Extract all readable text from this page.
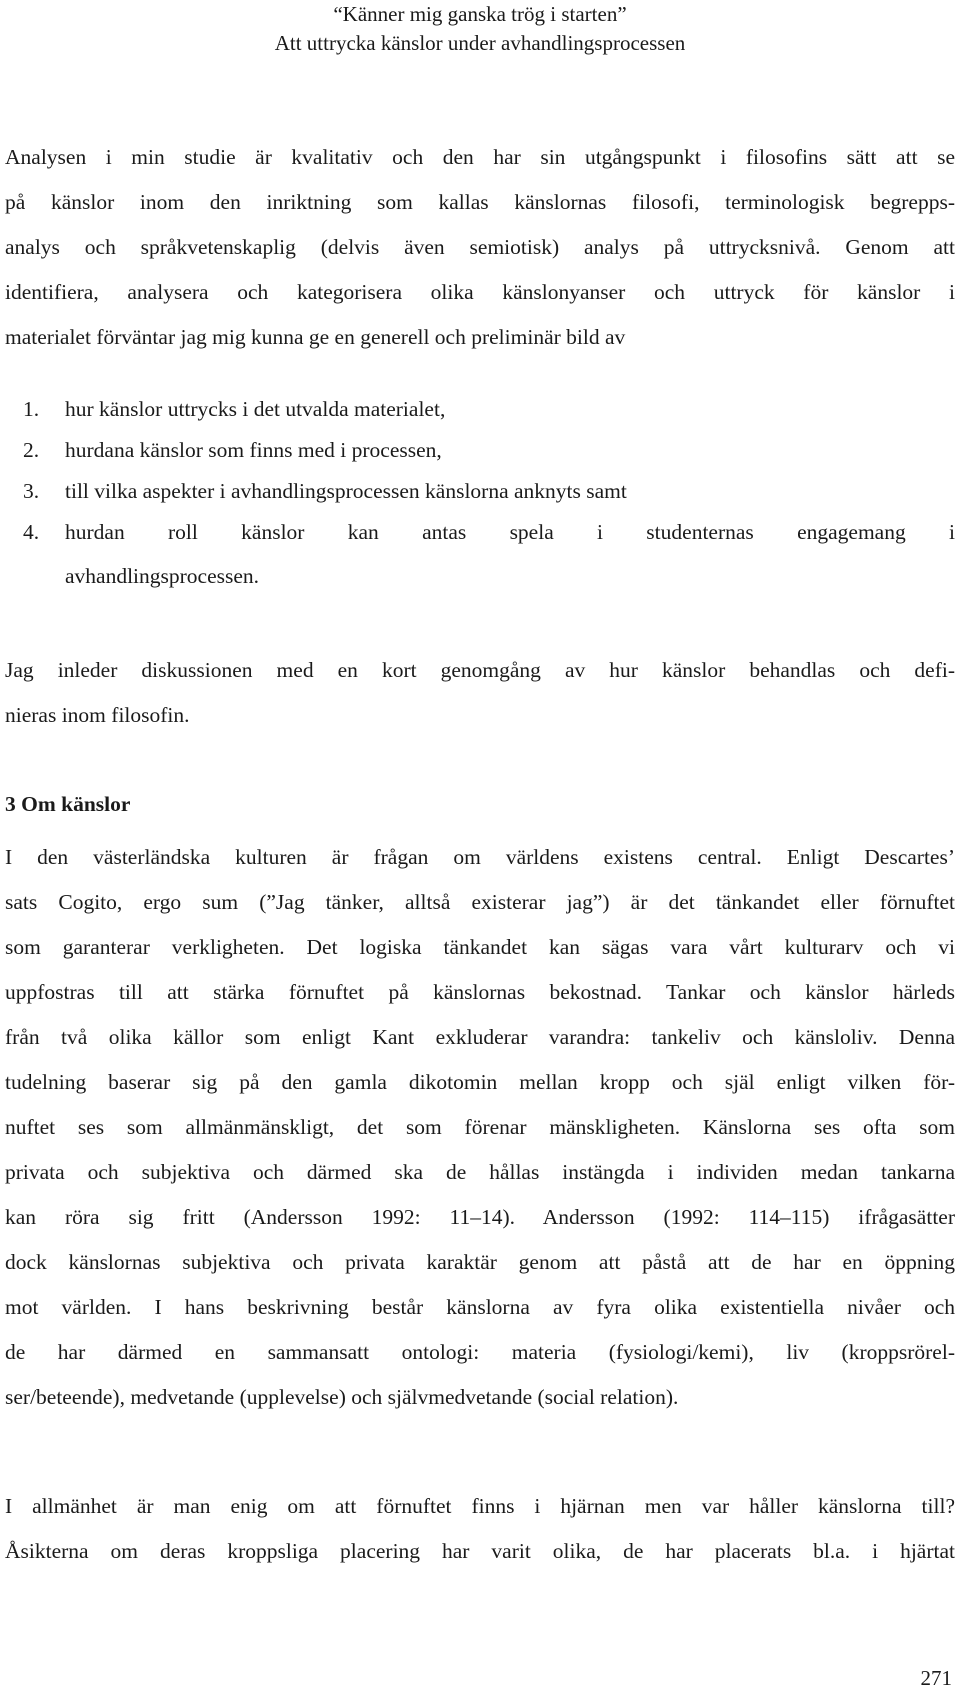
“Känner mig ganska trög i starten”
Att uttrycka känslor under avhandlingsprocessen

Analysen i min studie är kvalitativ och den har sin utgångspunkt i filosofins sätt att se

på känslor inom den inriktning som kallas känslornas filosofi, terminologisk begrepps-

analys och språkvetenskaplig (delvis även semiotisk) analys på uttrycksnivå. Genom att

identifiera, analysera och kategorisera olika känslonyanser och uttryck för känslor i

materialet förväntar jag mig kunna ge en generell och preliminär bild av

1. hur känslor uttrycks i det utvalda materialet,
2. hurdana känslor som finns med i processen,
3. till vilka aspekter i avhandlingsprocessen känslorna anknyts samt
4. hurdan roll känslor kan antas spela i studenternas engagemang i
avhandlingsprocessen.

Jag inleder diskussionen med en kort genomgång av hur känslor behandlas och defi-

nieras inom filosofin.

3 Om känslor

I den västerländska kulturen är frågan om världens existens central. Enligt Descartes’

sats Cogito, ergo sum (”Jag tänker, alltså existerar jag”) är det tänkandet eller förnuftet

som garanterar verkligheten. Det logiska tänkandet kan sägas vara vårt kulturarv och vi

uppfostras till att stärka förnuftet på känslornas bekostnad. Tankar och känslor härleds

från två olika källor som enligt Kant exkluderar varandra: tankeliv och känsloliv. Denna

tudelning baserar sig på den gamla dikotomin mellan kropp och själ enligt vilken för-

nuftet ses som allmänmänskligt, det som förenar mänskligheten. Känslorna ses ofta som

privata och subjektiva och därmed ska de hållas instängda i individen medan tankarna

kan röra sig fritt (Andersson 1992: 11–14). Andersson (1992: 114–115) ifrågasätter

dock känslornas subjektiva och privata karaktär genom att påstå att de har en öppning

mot världen. I hans beskrivning består känslorna av fyra olika existentiella nivåer och

de har därmed en sammansatt ontologi: materia (fysiologi/kemi), liv (kroppsrörel-

ser/beteende), medvetande (upplevelse) och självmedvetande (social relation).

I allmänhet är man enig om att förnuftet finns i hjärnan men var håller känslorna till?

Åsikterna om deras kroppsliga placering har varit olika, de har placerats bl.a. i hjärtat

271
